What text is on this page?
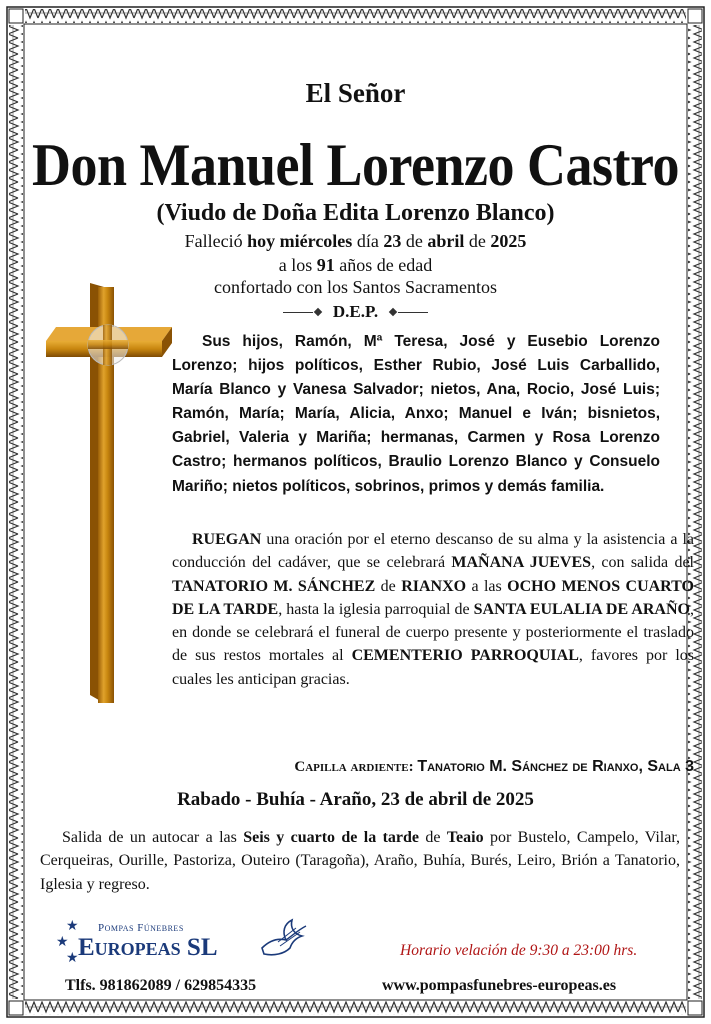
El Señor
Don Manuel Lorenzo Castro
(Viudo de Doña Edita Lorenzo Blanco)
Falleció hoy miércoles día 23 de abril de 2025
a los 91 años de edad
confortado con los Santos Sacramentos
D.E.P.

Sus hijos, Ramón, Mª Teresa, José y Eusebio Lorenzo Lorenzo; hijos políticos, Esther Rubio, José Luis Carballido, María Blanco y Vanesa Salvador; nietos, Ana, Rocio, José Luis; Ramón, María; María, Alicia, Anxo; Manuel e Iván; bisnietos, Gabriel, Valeria y Mariña; hermanas, Carmen y Rosa Lorenzo Castro; hermanos políticos, Braulio Lorenzo Blanco y Consuelo Mariño; nietos políticos, sobrinos, primos y demás familia.

RUEGAN una oración por el eterno descanso de su alma y la asistencia a la conducción del cadáver, que se celebrará MAÑANA JUEVES, con salida del TANATORIO M. SÁNCHEZ de RIANXO a las OCHO MENOS CUARTO DE LA TARDE, hasta la iglesia parroquial de SANTA EULALIA DE ARAÑO, en donde se celebrará el funeral de cuerpo presente y posteriormente el traslado de sus restos mortales al CEMENTERIO PARROQUIAL, favores por los cuales les anticipan gracias.

Capilla ardiente: Tanatorio M. Sánchez de Rianxo, Sala 3
Rabado - Buhía - Araño, 23 de abril de 2025

Salida de un autocar a las Seis y cuarto de la tarde de Teaio por Bustelo, Campelo, Vilar, Cerqueiras, Ourille, Pastoriza, Outeiro (Taragoña), Araño, Buhía, Burés, Leiro, Brión a Tanatorio, Iglesia y regreso.

★
★
★
Pompas Fúnebres
Europeas SL	Horario velación de 9:30 a 23:00 hrs.
Tlfs. 981862089 / 629854335	www.pompasfunebres-europeas.es
